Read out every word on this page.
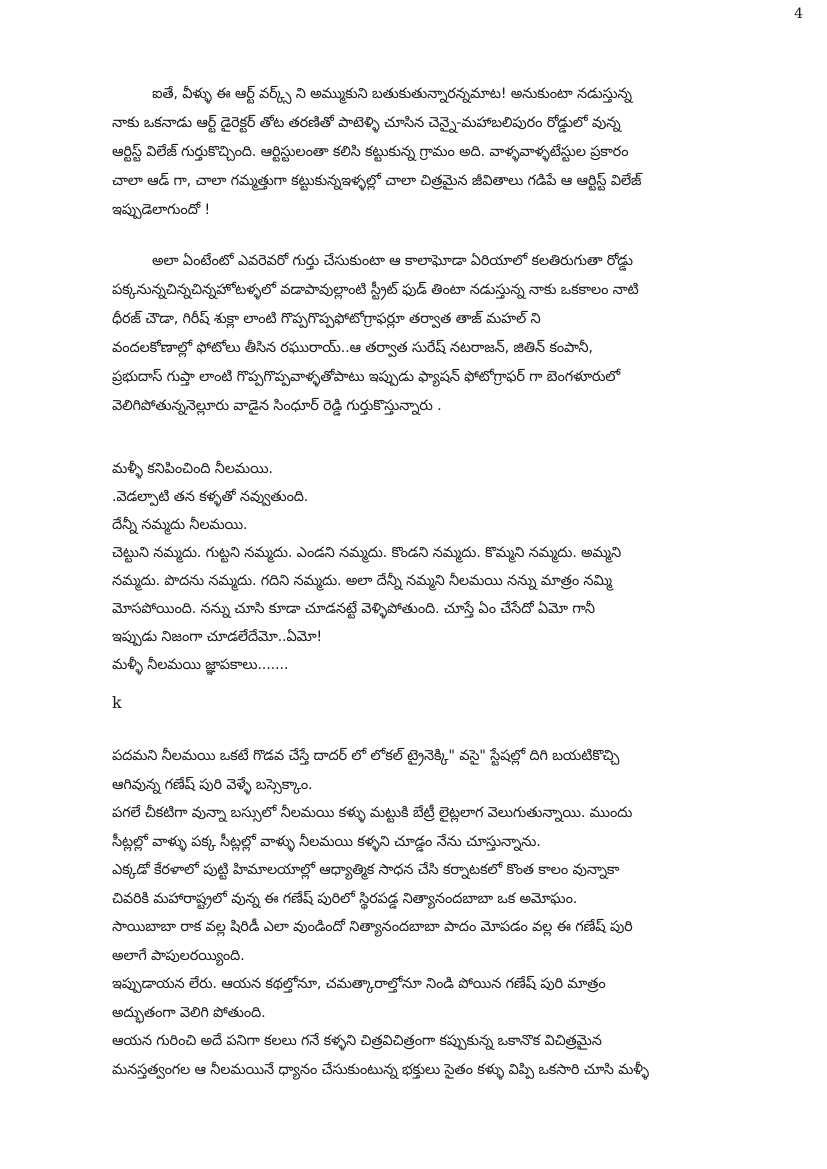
4
ఐతే, వీళ్ళు ఈ ఆర్ట్ వర్క్స్ ని అమ్ముకుని బతుకుతున్నారన్నమాట! అనుకుంటా నడుస్తున్న
నాకు ఒకనాడు ఆర్ట్ డైరెక్టర్ తోట తరణితో పాటెళ్ళి చూసిన చెన్నై-మహాబలిపురం రోడ్డులో వున్న
ఆర్టిస్ట్ విలేజ్ గుర్తుకొచ్చింది. ఆర్టిస్టులంతా కలిసి కట్టుకున్న గ్రామం అది. వాళ్ళవాళ్ళటేస్టుల ప్రకారం
చాలా ఆడ్ గా, చాలా గమ్మత్తుగా కట్టుకున్నఇళ్ళల్లో చాలా చిత్రమైన జీవితాలు గడిపే ఆ ఆర్టిస్ట్ విలేజ్
ఇప్పుడెలాగుందో !
అలా ఏంటేంటో ఎవరెవరో గుర్తు చేసుకుంటా ఆ కాలాఘోడా ఏరియాలో కలతిరుగుతా రోడ్డు
పక్కనున్నచిన్నచిన్నహోటళ్ళలో వడాపావుల్లాంటి స్ట్రీట్ ఫుడ్ తింటా నడుస్తున్న నాకు ఒకకాలం నాటి
ధీరజ్ చౌడా, గిరీష్ శుక్లా లాంటి గొప్పగొప్పఫోటోగ్రాఫర్లూ తర్వాత తాజ్ మహల్ ని
వందలకోణాల్లో ఫోటోలు తీసిన రఘురాయ్..ఆ తర్వాత సురేష్ నటరాజన్, జితిన్ కంపానీ,
ప్రభుదాస్ గుప్తా లాంటి గొప్పగొప్పవాళ్ళతోపాటు ఇప్పుడు ఫ్యాషన్ ఫోటోగ్రాఫర్ గా బెంగళూరులో
వెలిగిపోతున్ననెల్లూరు వాడైన సింధూర్ రెడ్డి గుర్తుకొస్తున్నారు .
మళ్ళీ కనిపించింది నీలమయి.
.వెడల్పాటి తన కళ్ళతో నవ్వుతుంది.
దేన్నీ నమ్మదు నీలమయి.
చెట్టుని నమ్మదు. గుట్టని నమ్మదు. ఎండని నమ్మదు. కొండని నమ్మదు. కొమ్మని నమ్మదు. అమ్మని
నమ్మదు. పొదను నమ్మదు. గదిని నమ్మదు. అలా దేన్నీ నమ్మని నీలమయి నన్ను మాత్రం నమ్మి
మోసపోయింది. నన్ను చూసి కూడా చూడనట్టే వెళ్ళిపోతుంది. చూస్తే ఏం చేసేదో ఏమో గానీ
ఇప్పుడు నిజంగా చూడలేదేమో..ఏమో!
మళ్ళీ నీలమయి జ్ఞాపకాలు.......
k
పదమని నీలమయి ఒకటే గొడవ చేస్తే దాదర్ లో లోకల్ ట్రైనెక్కి" వసై" స్టేషల్లో దిగి బయటికొచ్చి
ఆగివున్న గణేష్ పురి వెళ్ళే బస్సెక్కాం.
పగలే చీకటిగా వున్నా బస్సులో నీలమయి కళ్ళు మట్టుకి బేట్రీ లైట్లలాగ వెలుగుతున్నాయి. ముందు
సీట్లల్లో వాళ్ళు పక్క సీట్లల్లో వాళ్ళు నీలమయి కళ్ళని చూడ్డం నేను చూస్తున్నాను.
ఎక్కడో కేరళాలో పుట్టి హిమాలయాల్లో ఆధ్యాత్మిక సాధన చేసి కర్నాటకలో కొంత కాలం వున్నాకా
చివరికి మహారాష్ట్రలో వున్న ఈ గణేష్ పురిలో స్థిరపడ్డ నిత్యానందబాబా ఒక అమోఘం.
సాయిబాబా రాక వల్ల షిరిడీ ఎలా వుండిందో నిత్యానందబాబా పాదం మోపడం వల్ల ఈ గణేష్ పురి
అలాగే పాపులరయ్యింది.
ఇప్పుడాయన లేరు. ఆయన కథల్తోనూ, చమత్కారాల్తోనూ నిండి పోయిన గణేష్ పురి మాత్రం
అద్భుతంగా వెలిగి పోతుంది.
ఆయన గురించి అదే పనిగా కలలు గనే కళ్ళని చిత్రవిచిత్రంగా కప్పుకున్న ఒకానొక విచిత్రమైన
మనస్తత్వంగల ఆ నీలమయినే ధ్యానం చేసుకుంటున్న భక్తులు సైతం కళ్ళు విప్పి ఒకసారి చూసి మళ్ళీ
